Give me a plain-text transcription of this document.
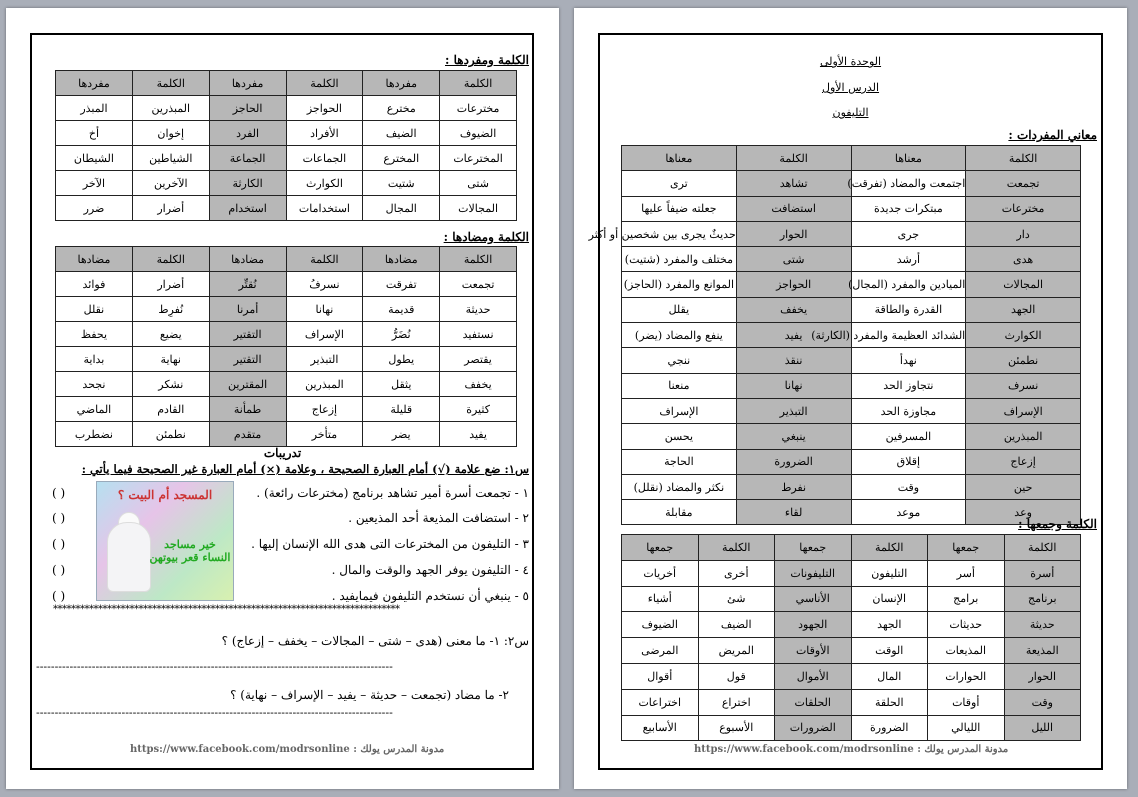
الكلمة ومفردها :
الكلمة	مفردها	الكلمة	مفردها	الكلمة	مفردها
مخترعات	مخترع	الحواجز	الحاجز	المبذرين	المبذر
الضيوف	الضيف	الأفراد	الفرد	إخوان	أخ
المخترعات	المخترع	الجماعات	الجماعة	الشياطين	الشيطان
شتى	شتيت	الكوارث	الكارثة	الآخرين	الآخر
المجالات	المجال	استخدامات	استخدام	أضرار	ضرر
الكلمة ومضادها :
الكلمة	مضادها	الكلمة	مضادها	الكلمة	مضادها
تجمعت	تفرقت	نسرفُ	نُقتِّر	أضرار	فوائد
حديثة	قديمة	نهانا	أمرنا	نُفرِط	نقلل
نستفيد	نُضَرُّ	الإسراف	التقتير	يضيع	يحفظ
يقتصر	يطول	التبذير	التقتير	نهاية	بداية
يخفف	يثقل	المبذرين	المقترين	نشكر	نجحد
كثيرة	قليلة	إزعاج	طمأنة	القادم	الماضي
يفيد	يضر	متأخر	متقدم	نطمئن	نضطرب
تدريبات
س١: ضع علامة (√) أمام العبارة الصحيحة ، وعلامة (×) أمام العبارة غير الصحيحة فيما يأتي :
المسجد أم البيت ؟
خير مساجد النساء قعر بيوتهن
*****************************************************************************
س٢: ١- ما معنى (هدى – شتى – المجالات – يخفف – إزعاج) ؟
------------------------------------------------------------------------------------------------
٢- ما مضاد (تجمعت – حديثة – يفيد – الإسراف – نهاية) ؟
------------------------------------------------------------------------------------------------
https://www.facebook.com/modrsonline : مدونة المدرس يولك
١ - تجمعت أسرة أمير تشاهد برنامج (مخترعات رائعة) .
( )
٢ - استضافت المذيعة أحد المذيعين .
( )
٣ - التليفون من المخترعات التى هدى الله الإنسان إليها .
( )
٤ - التليفون يوفر الجهد والوقت والمال .
( )
٥ - ينبغي أن نستخدم التليفون فيمايفيد .
( )
الوحدة الأولى
الدرس الأول
التليفون
معاني المفردات :
الكلمة	معناها	الكلمة	معناها
تجمعت	اجتمعت والمضاد (تفرقت)	تشاهد	ترى
مخترعات	مبتكرات جديدة	استضافت	جعلته ضيفاً عليها
دار	جرى	الحوار	حديثٌ يجرى بين شخصين أو أكثر
هدى	أرشد	شتى	مختلف والمفرد (شتيت)
المجالات	الميادين والمفرد (المجال)	الحواجز	الموانع والمفرد (الحاجز)
الجهد	القدرة والطاقة	يخفف	يقلل
الكوارث	الشدائد العظيمة والمفرد (الكارثة)	يفيد	ينفع والمضاد (يضر)
نطمئن	نهدأ	ننقذ	ننجي
نسرف	نتجاوز الحد	نهانا	منعنا
الإسراف	مجاوزة الحد	التبذير	الإسراف
المبذرين	المسرفين	ينبغي	يحسن
إزعاج	إقلاق	الضرورة	الحاجة
حين	وقت	نفرط	نكثر والمضاد (نقلل)
وعد	موعد	لقاء	مقابلة
الكلمة وجمعها :
الكلمة	جمعها	الكلمة	جمعها	الكلمة	جمعها
أسرة	أسر	التليفون	التليفونات	أخرى	أخريات
برنامج	برامج	الإنسان	الأناسي	شئ	أشياء
حديثة	حديثات	الجهد	الجهود	الضيف	الضيوف
المذيعة	المذيعات	الوقت	الأوقات	المريض	المرضى
الحوار	الحوارات	المال	الأموال	قول	أقوال
وقت	أوقات	الحلقة	الحلقات	اختراع	اختراعات
الليل	الليالي	الضرورة	الضرورات	الأسبوع	الأسابيع
https://www.facebook.com/modrsonline : مدونة المدرس يولك
